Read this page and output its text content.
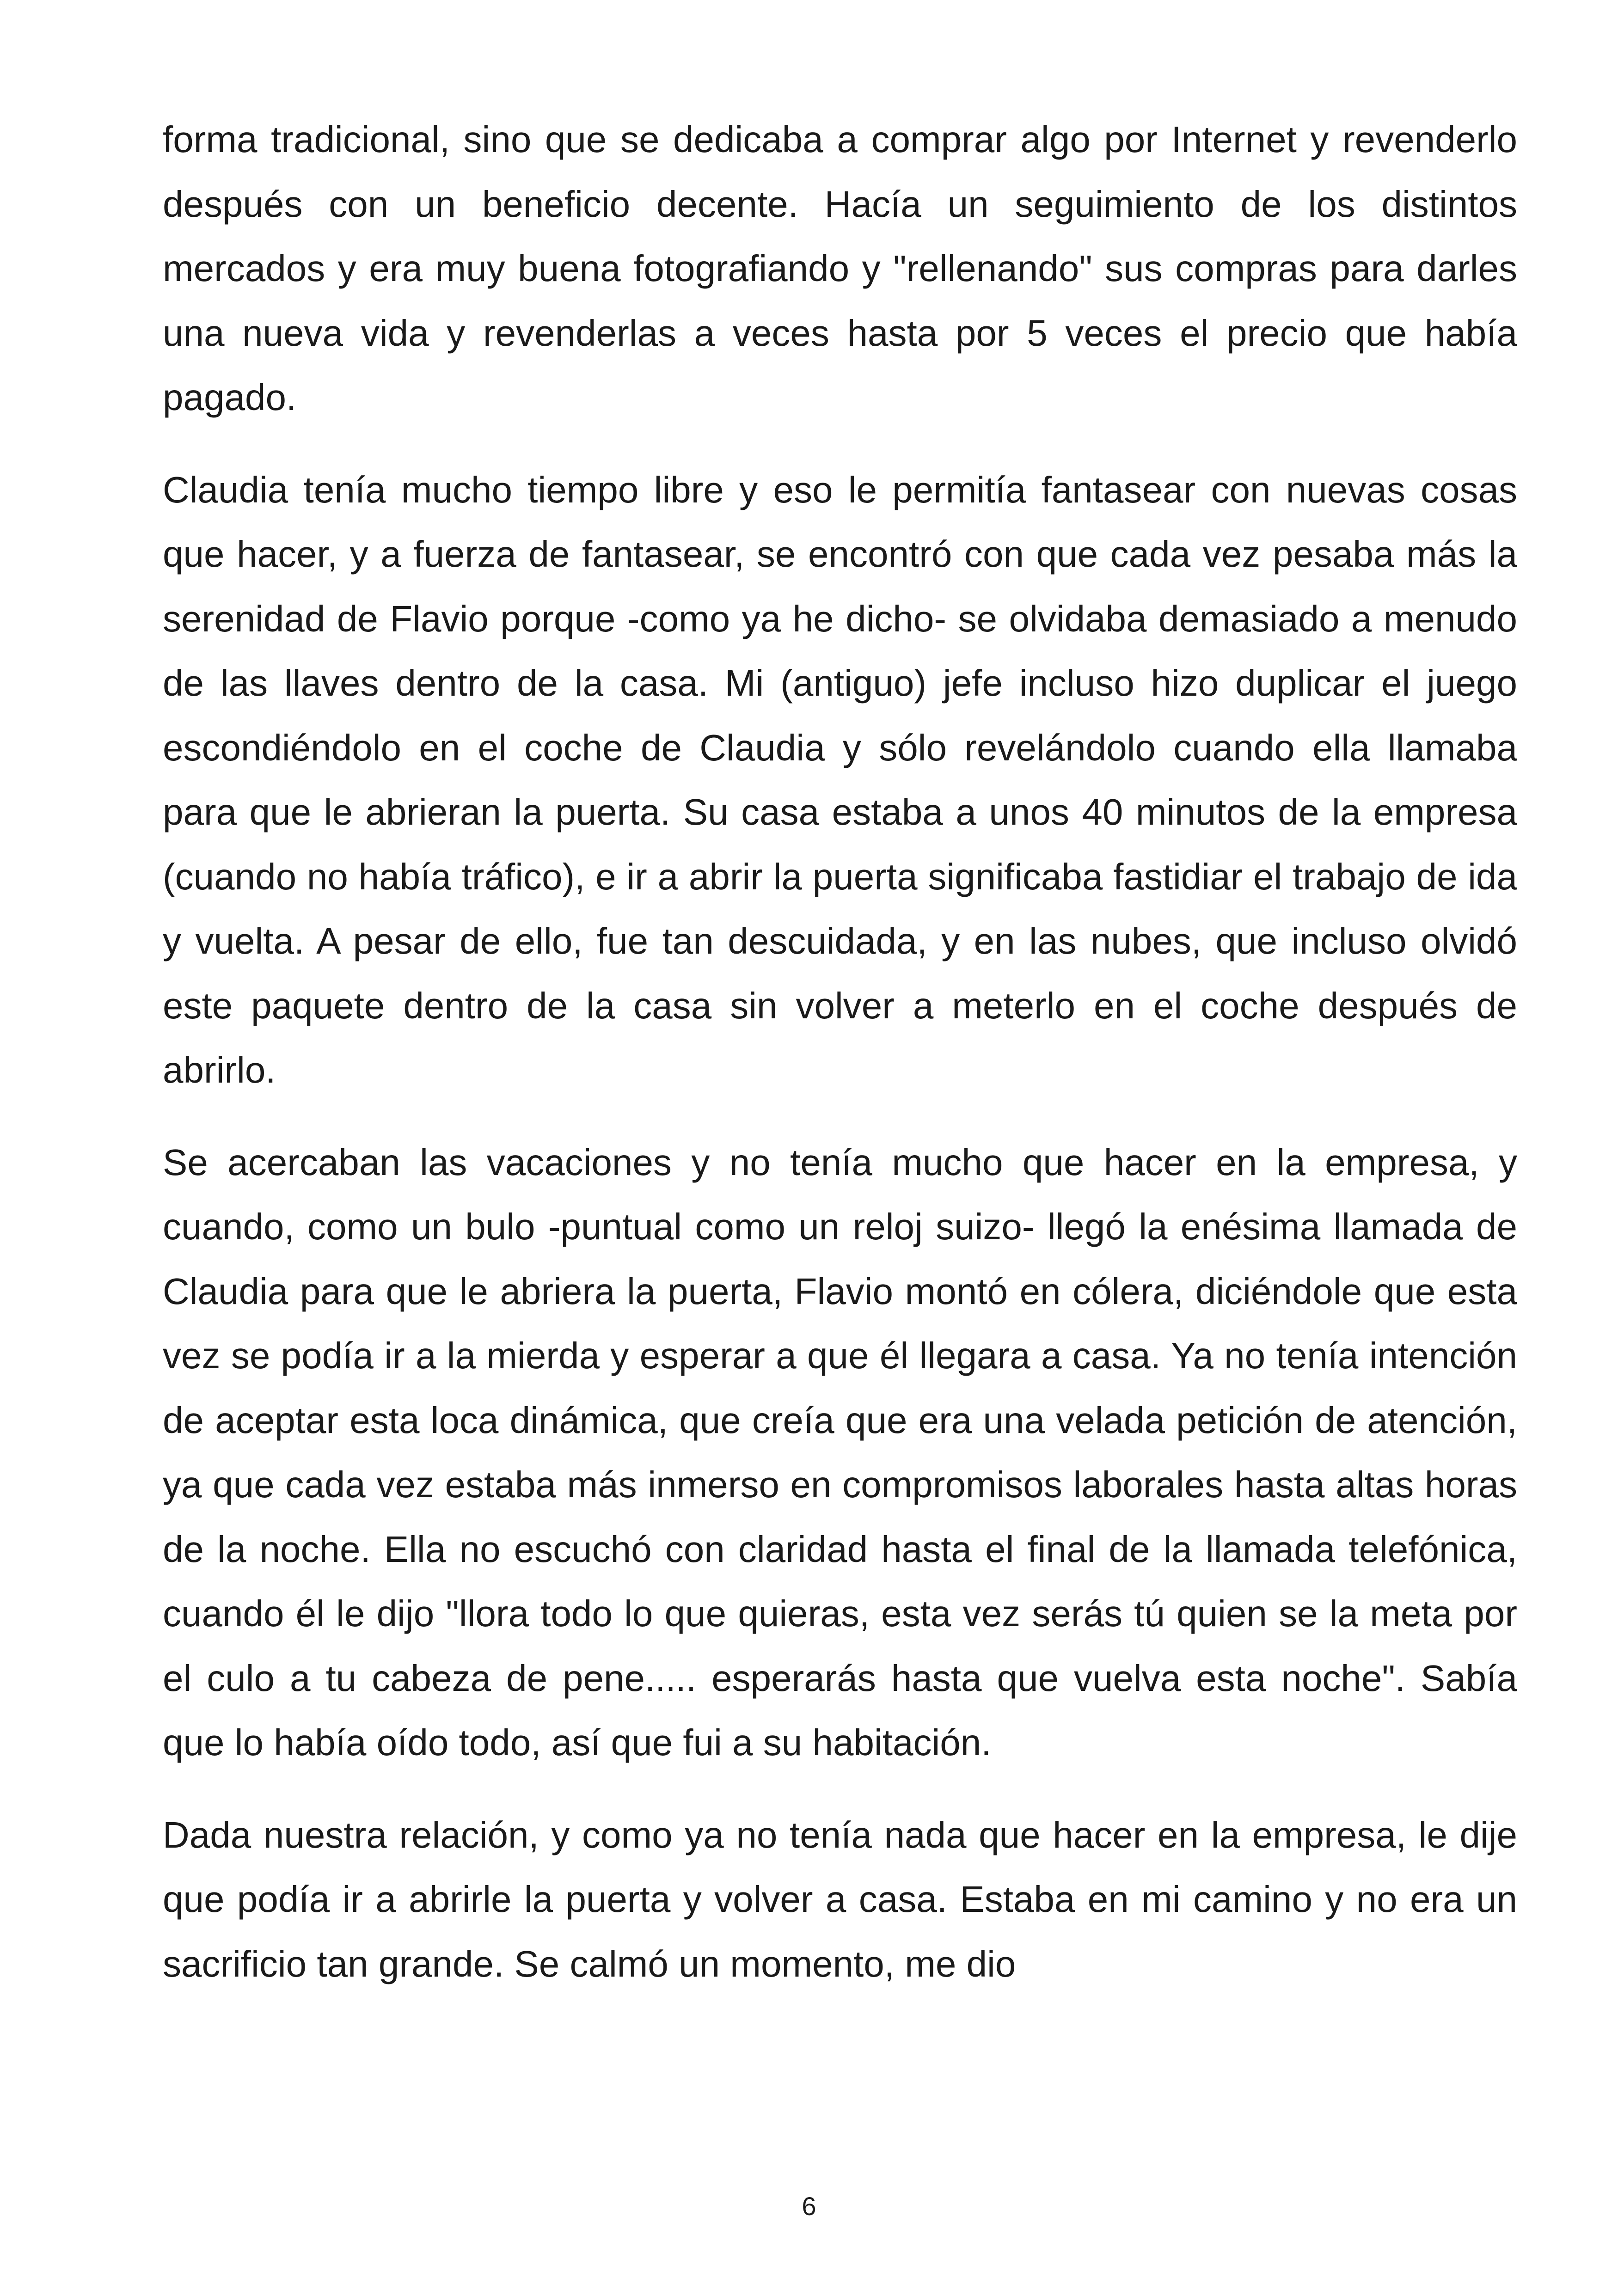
forma tradicional, sino que se dedicaba a comprar algo por Internet y revenderlo después con un beneficio decente. Hacía un seguimiento de los distintos mercados y era muy buena fotografiando y "rellenando" sus compras para darles una nueva vida y revenderlas a veces hasta por 5 veces el precio que había pagado.

Claudia tenía mucho tiempo libre y eso le permitía fantasear con nuevas cosas que hacer, y a fuerza de fantasear, se encontró con que cada vez pesaba más la serenidad de Flavio porque -como ya he dicho- se olvidaba demasiado a menudo de las llaves dentro de la casa. Mi (antiguo) jefe incluso hizo duplicar el juego escondiéndolo en el coche de Claudia y sólo revelándolo cuando ella llamaba para que le abrieran la puerta. Su casa estaba a unos 40 minutos de la empresa (cuando no había tráfico), e ir a abrir la puerta significaba fastidiar el trabajo de ida y vuelta. A pesar de ello, fue tan descuidada, y en las nubes, que incluso olvidó este paquete dentro de la casa sin volver a meterlo en el coche después de abrirlo.

Se acercaban las vacaciones y no tenía mucho que hacer en la empresa, y cuando, como un bulo -puntual como un reloj suizo- llegó la enésima llamada de Claudia para que le abriera la puerta, Flavio montó en cólera, diciéndole que esta vez se podía ir a la mierda y esperar a que él llegara a casa. Ya no tenía intención de aceptar esta loca dinámica, que creía que era una velada petición de atención, ya que cada vez estaba más inmerso en compromisos laborales hasta altas horas de la noche. Ella no escuchó con claridad hasta el final de la llamada telefónica, cuando él le dijo "llora todo lo que quieras, esta vez serás tú quien se la meta por el culo a tu cabeza de pene..... esperarás hasta que vuelva esta noche". Sabía que lo había oído todo, así que fui a su habitación.

Dada nuestra relación, y como ya no tenía nada que hacer en la empresa, le dije que podía ir a abrirle la puerta y volver a casa. Estaba en mi camino y no era un sacrificio tan grande. Se calmó un momento, me dio

6
